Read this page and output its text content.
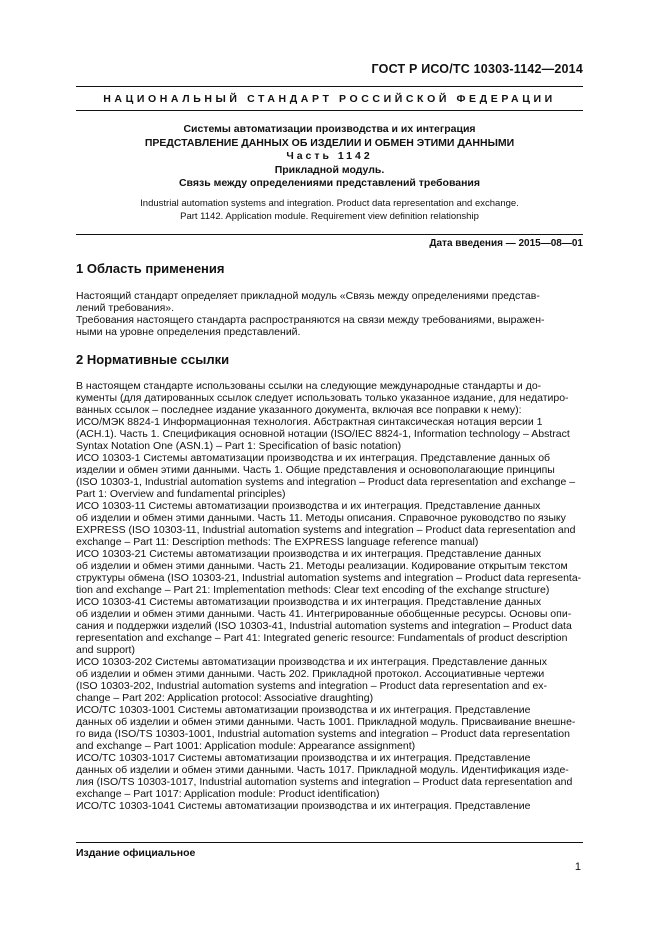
ГОСТ Р ИСО/ТС 10303-1142—2014
НАЦИОНАЛЬНЫЙ СТАНДАРТ РОССИЙСКОЙ ФЕДЕРАЦИИ
Системы автоматизации производства и их интеграция
ПРЕДСТАВЛЕНИЕ ДАННЫХ ОБ ИЗДЕЛИИ И ОБМЕН ЭТИМИ ДАННЫМИ
Часть 1142
Прикладной модуль.
Связь между определениями представлений требования
Industrial automation systems and integration. Product data representation and exchange.
Part 1142. Application module. Requirement view definition relationship
Дата введения — 2015—08—01
1 Область применения
Настоящий стандарт определяет прикладной модуль «Связь между определениями представ-
лений требования».
Требования настоящего стандарта распространяются на связи между требованиями, выражен-
ными на уровне определения представлений.
2 Нормативные ссылки
В настоящем стандарте использованы ссылки на следующие международные стандарты и до-
кументы (для датированных ссылок следует использовать только указанное издание, для недатиро-
ванных ссылок – последнее издание указанного документа, включая все поправки к нему):
ИСО/МЭК 8824-1 Информационная технология. Абстрактная синтаксическая нотация версии 1
(АСН.1). Часть 1. Спецификация основной нотации (ISO/IEC 8824-1, Information technology – Abstract
Syntax Notation One (ASN.1) – Part 1: Specification of basic notation)
ИСО 10303-1 Системы автоматизации производства и их интеграция. Представление данных об
изделии и обмен этими данными. Часть 1. Общие представления и основополагающие принципы
(ISO 10303-1, Industrial automation systems and integration – Product data representation and exchange –
Part 1: Overview and fundamental principles)
ИСО 10303-11 Системы автоматизации производства и их интеграция. Представление данных
об изделии и обмен этими данными. Часть 11. Методы описания. Справочное руководство по языку
EXPRESS (ISO 10303-11, Industrial automation systems and integration – Product data representation and
exchange – Part 11: Description methods: The EXPRESS language reference manual)
ИСО 10303-21 Системы автоматизации производства и их интеграция. Представление данных
об изделии и обмен этими данными. Часть 21. Методы реализации. Кодирование открытым текстом
структуры обмена (ISO 10303-21, Industrial automation systems and integration – Product data representa-
tion and exchange – Part 21: Implementation methods: Clear text encoding of the exchange structure)
ИСО 10303-41 Системы автоматизации производства и их интеграция. Представление данных
об изделии и обмен этими данными. Часть 41. Интегрированные обобщенные ресурсы. Основы опи-
сания и поддержки изделий (ISO 10303-41, Industrial automation systems and integration – Product data
representation and exchange – Part 41: Integrated generic resource: Fundamentals of product description
and support)
ИСО 10303-202 Системы автоматизации производства и их интеграция. Представление данных
об изделии и обмен этими данными. Часть 202. Прикладной протокол. Ассоциативные чертежи
(ISO 10303-202, Industrial automation systems and integration – Product data representation and ex-
change – Part 202: Application protocol: Associative draughting)
ИСО/ТС 10303-1001 Системы автоматизации производства и их интеграция. Представление
данных об изделии и обмен этими данными. Часть 1001. Прикладной модуль. Присваивание внешне-
го вида (ISO/TS 10303-1001, Industrial automation systems and integration – Product data representation
and exchange – Part 1001: Application module: Appearance assignment)
ИСО/ТС 10303-1017 Системы автоматизации производства и их интеграция. Представление
данных об изделии и обмен этими данными. Часть 1017. Прикладной модуль. Идентификация изде-
лия (ISO/TS 10303-1017, Industrial automation systems and integration – Product data representation and
exchange – Part 1017: Application module: Product identification)
ИСО/ТС 10303-1041 Системы автоматизации производства и их интеграция. Представление
Издание официальное
1
